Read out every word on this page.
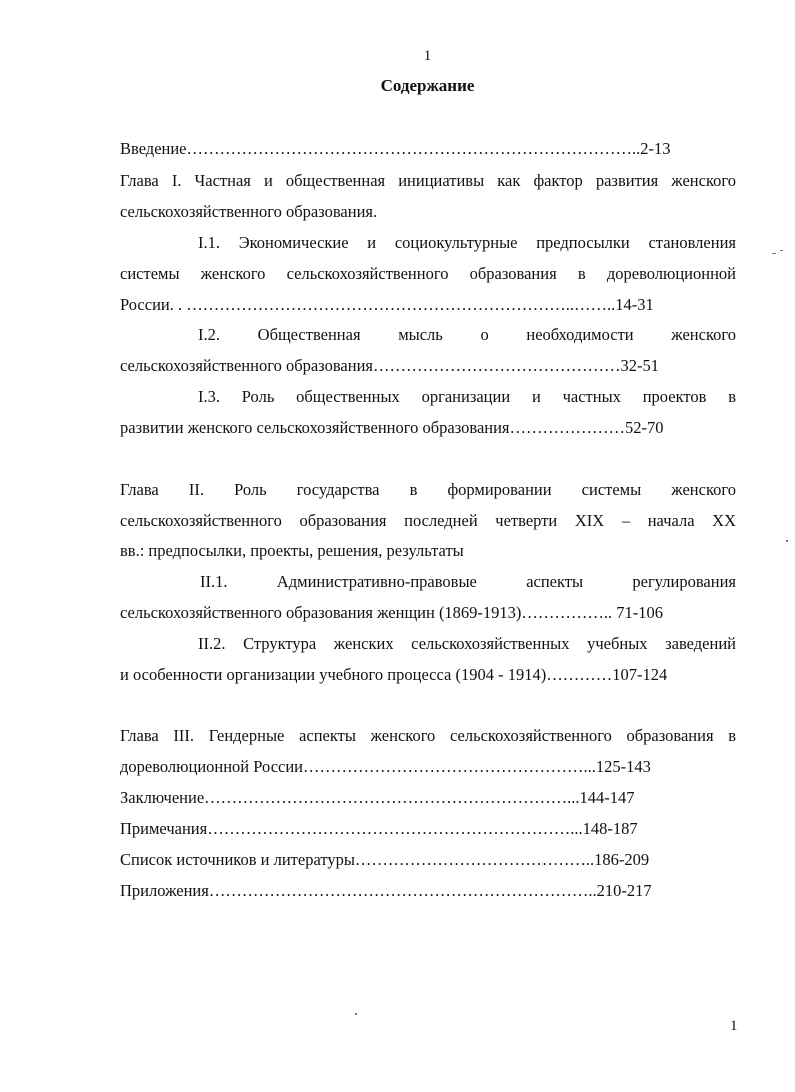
1
Содержание
Введение………………………………………………………………………..2-13
Глава I. Частная и общественная инициативы как фактор развития женского
сельскохозяйственного образования.
I.1. Экономические и социокультурные предпосылки становления
системы женского сельскохозяйственного образования в дореволюционной
России. . ……………………………………………………………..……..14-31
I.2. Общественная мысль о необходимости женского
сельскохозяйственного образования………………………………………32-51
I.3. Роль общественных организации и частных проектов в
развитии женского сельскохозяйственного образования…………………52-70
Глава II. Роль государства в формировании системы женского
сельскохозяйственного образования последней четверти XIX – начала XX
вв.: предпосылки, проекты, решения, результаты
II.1. Административно-правовые аспекты регулирования
сельскохозяйственного образования женщин (1869-1913)…………….. 71-106
II.2. Структура женских сельскохозяйственных учебных заведений
и особенности организации учебного процесса (1904 - 1914)…………107-124
Глава III. Гендерные аспекты женского сельскохозяйственного образования в
дореволюционной России……………………………………………...125-143
Заключение…………………………………………………………...144-147
Примечания…………………………………………………………...148-187
Список источников и литературы……………………………………..186-209
Приложения……………………………………………………………..210-217
1
